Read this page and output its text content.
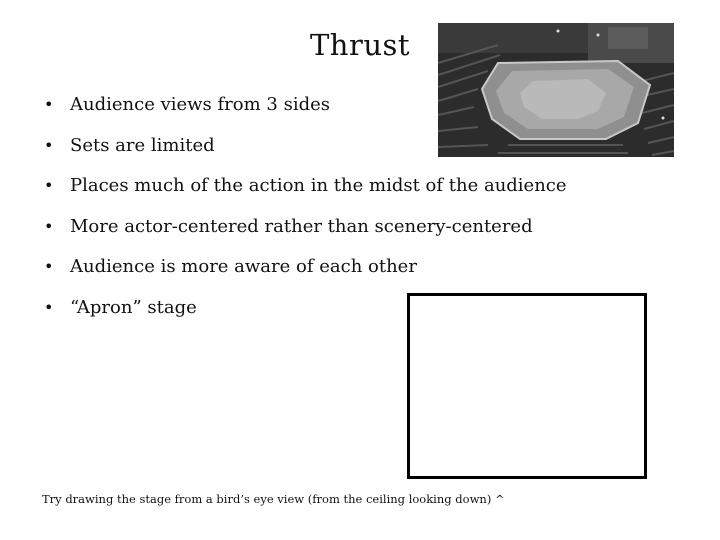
Thrust
• Audience views from 3 sides
• Sets are limited
• Places much of the action in the midst of the audience
• More actor-centered rather than scenery-centered
• Audience is more aware of each other
• “Apron” stage
Try drawing the stage from a bird’s eye view (from the ceiling looking down) ^
